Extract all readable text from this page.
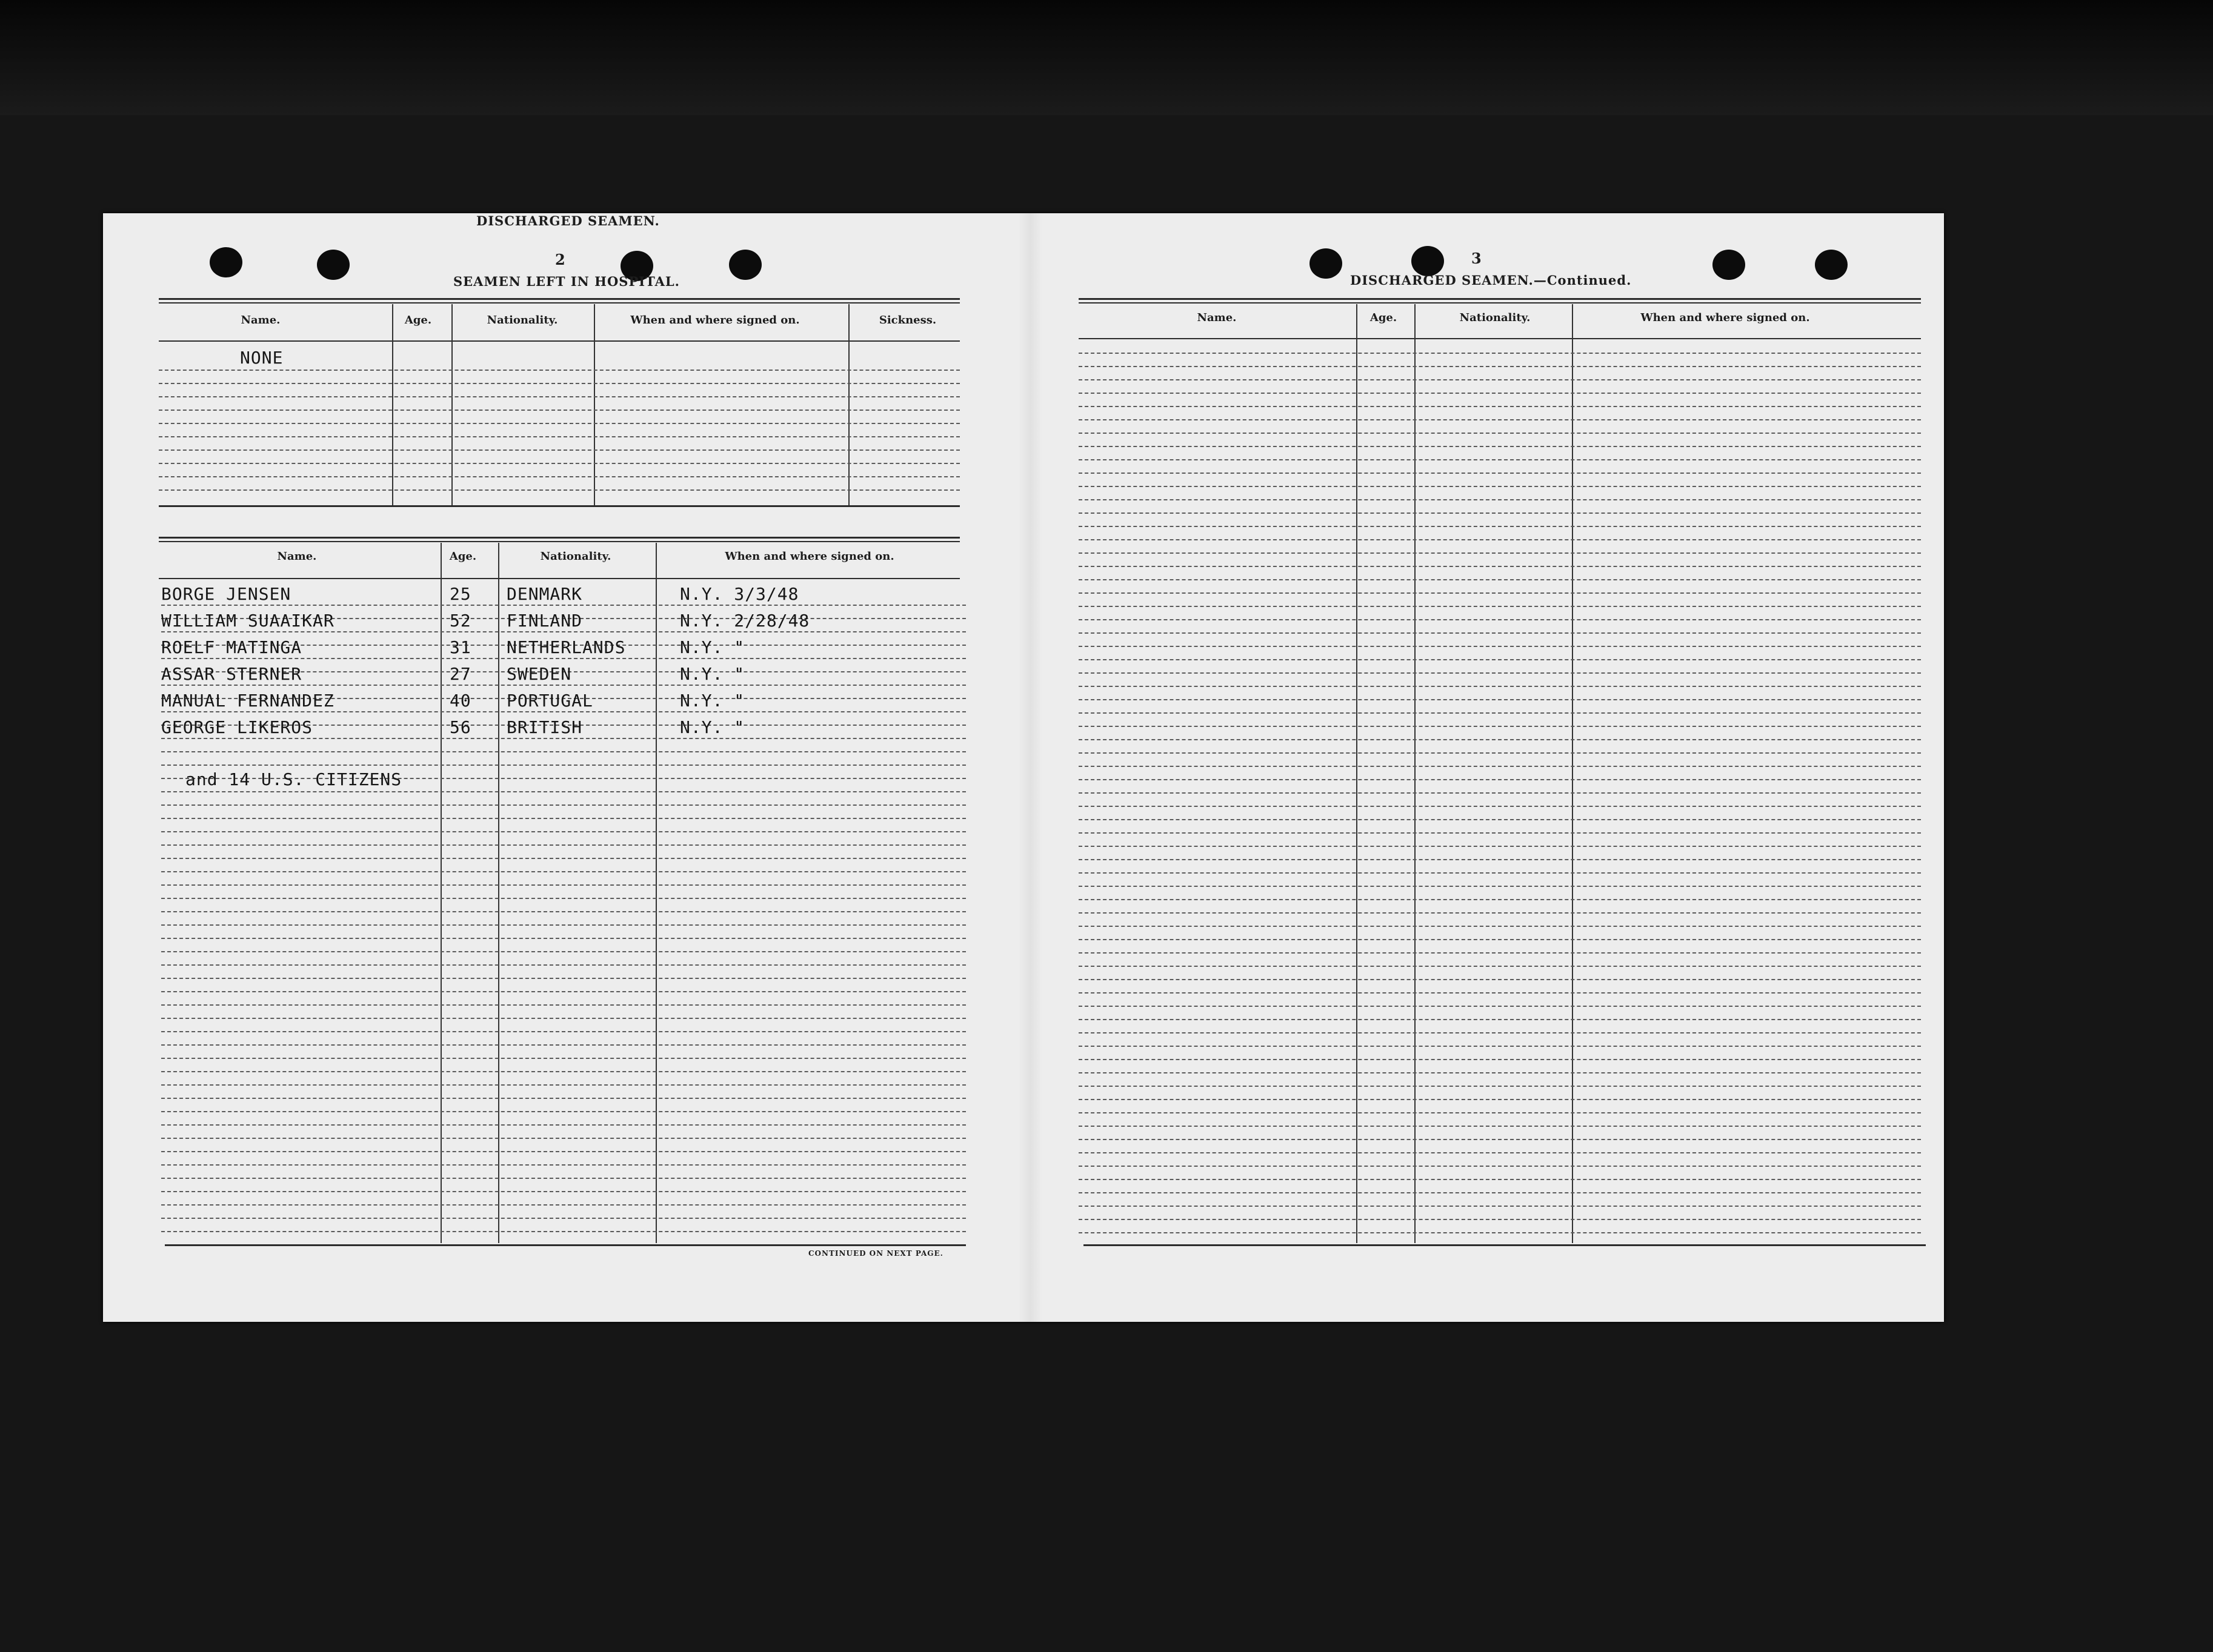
2
SEAMEN LEFT IN HOSPITAL.
Name.	Age.	Nationality.	When and where signed on.	Sickness.
NONE
DISCHARGED SEAMEN.
Name.	Age.	Nationality.	When and where signed on.
BORGE JENSEN	25 DENMARK	N.Y. 3/3/48
WILLIAM SUAAIKAR	52 FINLAND	N.Y. 2/28/48
ROELF MATINGA	31 NETHERLANDS	N.Y. "
ASSAR STERNER	27 SWEDEN	N.Y. "
MANUAL FERNANDEZ	40 PORTUGAL	N.Y. "
GEORGE LIKEROS	56 BRITISH	N.Y. "
and 14 U.S. CITIZENS
CONTINUED ON NEXT PAGE.
3
DISCHARGED SEAMEN.—Continued.
Name.	Age.	Nationality.	When and where signed on.
